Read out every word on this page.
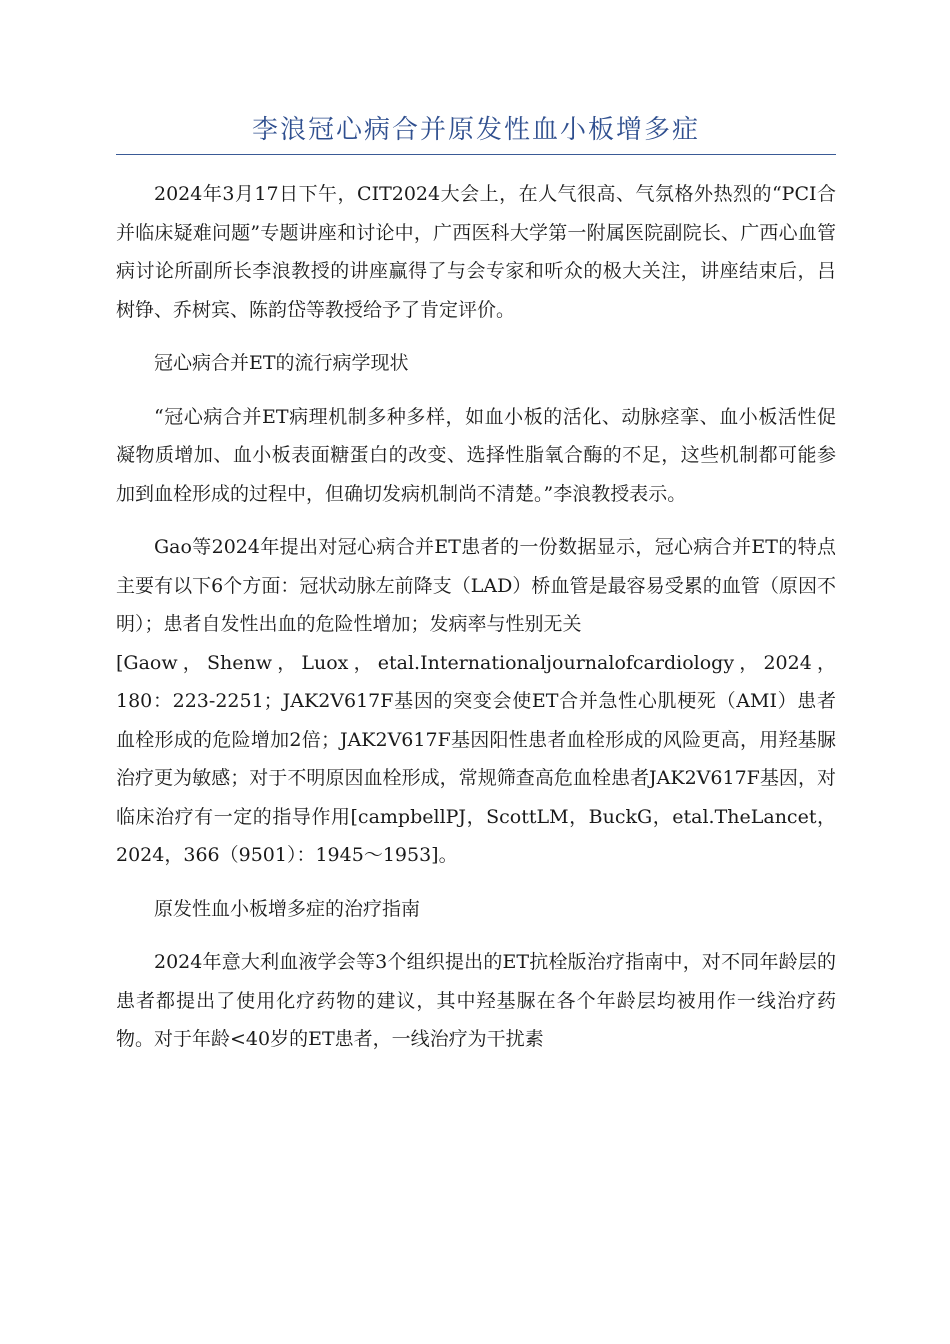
李浪冠心病合并原发性血小板增多症

2024年3月17日下午，CIT2024大会上，在人气很高、气氛格外热烈的“PCI合并临床疑难问题”专题讲座和讨论中，广西医科大学第一附属医院副院长、广西心血管病讨论所副所长李浪教授的讲座赢得了与会专家和听众的极大关注，讲座结束后，吕树铮、乔树宾、陈韵岱等教授给予了肯定评价。

冠心病合并ET的流行病学现状

“冠心病合并ET病理机制多种多样，如血小板的活化、动脉痉挛、血小板活性促凝物质增加、血小板表面糖蛋白的改变、选择性脂氧合酶的不足，这些机制都可能参加到血栓形成的过程中，但确切发病机制尚不清楚。”李浪教授表示。

Gao等2024年提出对冠心病合并ET患者的一份数据显示，冠心病合并ET的特点主要有以下6个方面：冠状动脉左前降支（LAD）桥血管是最容易受累的血管（原因不明）；患者自发性出血的危险性增加；发病率与性别无关

[Gaow，Shenw，Luox，etal.Internationaljournalofcardiology，2024，180：223-2251；JAK2V617F基因的突变会使ET合并急性心肌梗死（AMI）患者血栓形成的危险增加2倍；JAK2V617F基因阳性患者血栓形成的风险更高，用羟基脲治疗更为敏感；对于不明原因血栓形成，常规筛查高危血栓患者JAK2V617F基因，对临床治疗有一定的指导作用[campbellPJ，ScottLM，BuckG，etal.TheLancet，2024，366（9501）：1945～1953]。

原发性血小板增多症的治疗指南

2024年意大利血液学会等3个组织提出的ET抗栓版治疗指南中，对不同年龄层的患者都提出了使用化疗药物的建议，其中羟基脲在各个年龄层均被用作一线治疗药物。对于年龄<40岁的ET患者，一线治疗为干扰素
